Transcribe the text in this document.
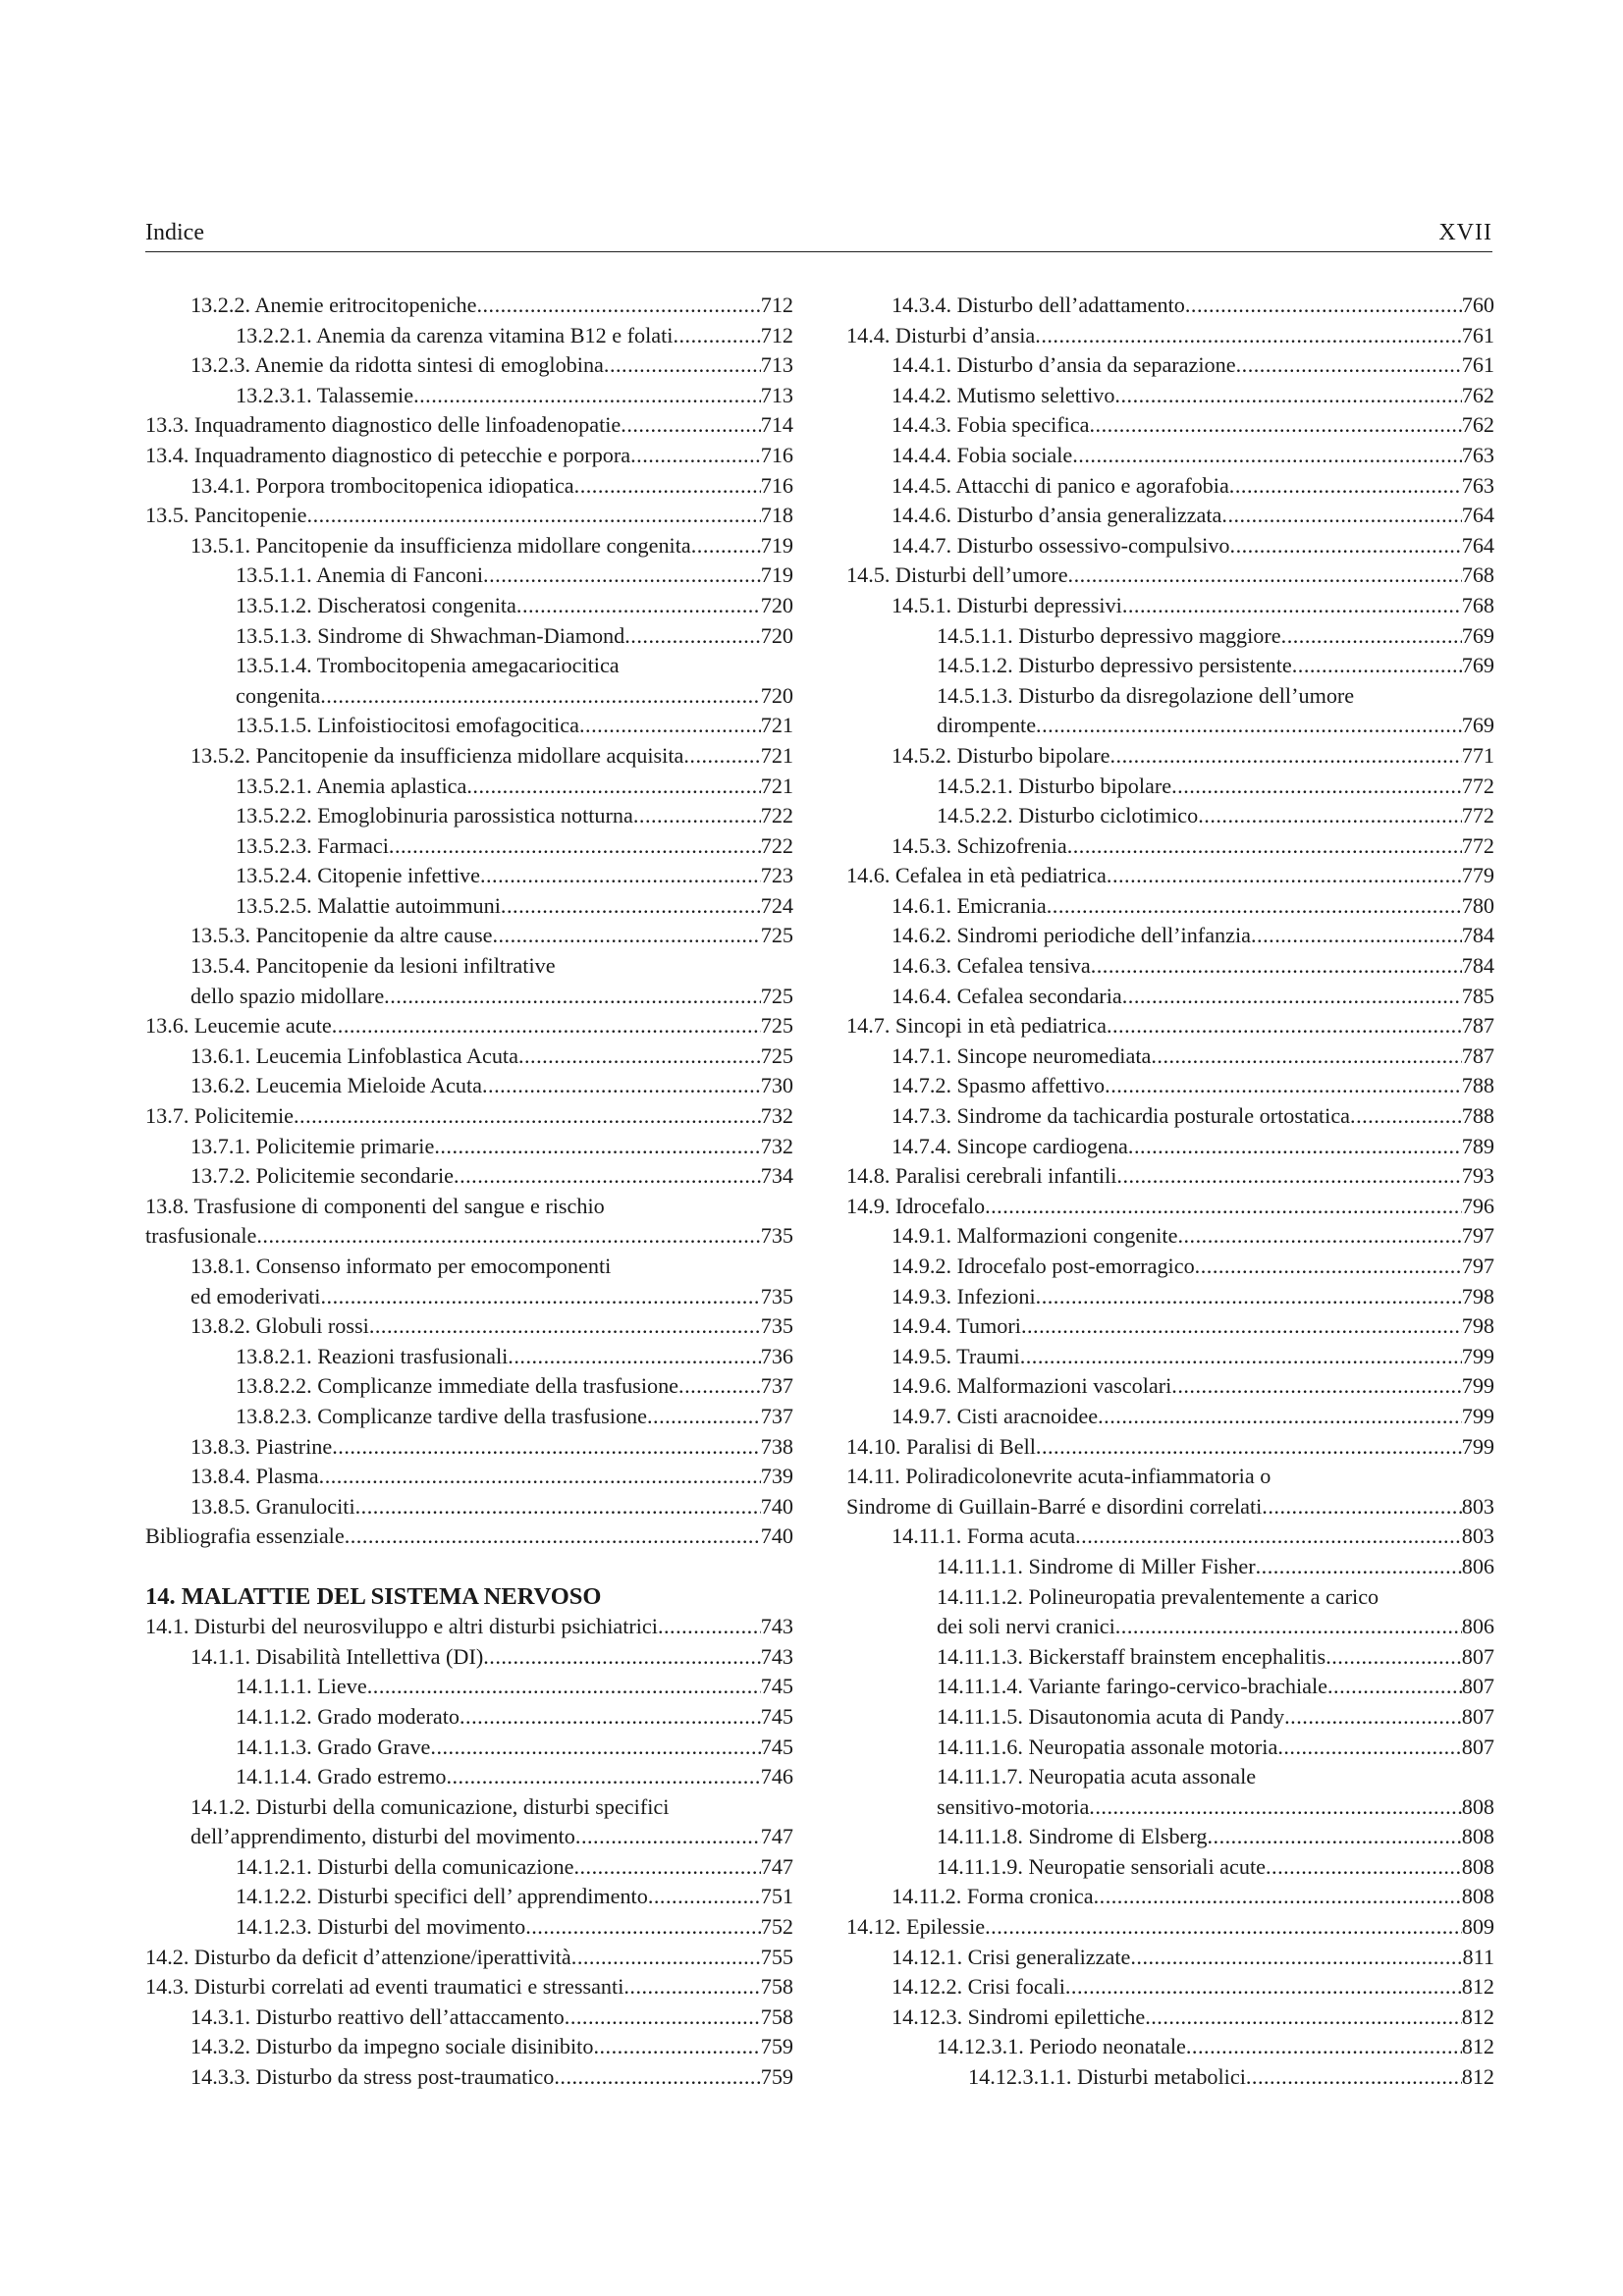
Indice	XVII
13.2.2. Anemie eritrocitopeniche .....	712
13.2.2.1. Anemia da carenza vitamina B12 e folati .....	712
13.2.3. Anemie da ridotta sintesi di emoglobina .....	713
13.2.3.1. Talassemie .....	713
13.3. Inquadramento diagnostico delle linfoadenopatie .....	714
13.4. Inquadramento diagnostico di petecchie e porpora .....	716
13.4.1. Porpora trombocitopenica idiopatica .....	716
13.5. Pancitopenie .....	718
13.5.1. Pancitopenie da insufficienza midollare congenita .....	719
13.5.1.1. Anemia di Fanconi .....	719
13.5.1.2. Discheratosi congenita .....	720
13.5.1.3. Sindrome di Shwachman-Diamond .....	720
13.5.1.4. Trombocitopenia amegacariocitica
congenita .....	720
13.5.1.5. Linfoistiocitosi emofagocitica .....	721
13.5.2. Pancitopenie da insufficienza midollare acquisita .....	721
13.5.2.1. Anemia aplastica .....	721
13.5.2.2. Emoglobinuria parossistica notturna .....	722
13.5.2.3. Farmaci .....	722
13.5.2.4. Citopenie infettive .....	723
13.5.2.5. Malattie autoimmuni .....	724
13.5.3. Pancitopenie da altre cause .....	725
13.5.4. Pancitopenie da lesioni infiltrative
dello spazio midollare .....	725
13.6. Leucemie acute .....	725
13.6.1. Leucemia Linfoblastica Acuta .....	725
13.6.2. Leucemia Mieloide Acuta .....	730
13.7. Policitemie .....	732
13.7.1. Policitemie primarie .....	732
13.7.2. Policitemie secondarie .....	734
13.8. Trasfusione di componenti del sangue e rischio
trasfusionale .....	735
13.8.1. Consenso informato per emocomponenti
ed emoderivati .....	735
13.8.2. Globuli rossi .....	735
13.8.2.1. Reazioni trasfusionali .....	736
13.8.2.2. Complicanze immediate della trasfusione .....	737
13.8.2.3. Complicanze tardive della trasfusione .....	737
13.8.3. Piastrine .....	738
13.8.4. Plasma .....	739
13.8.5. Granulociti .....	740
Bibliografia essenziale .....	740
14. MALATTIE DEL SISTEMA NERVOSO
14.1. Disturbi del neurosviluppo e altri disturbi psichiatrici .....	743
14.1.1. Disabilità Intellettiva (DI) .....	743
14.1.1.1. Lieve .....	745
14.1.1.2. Grado moderato .....	745
14.1.1.3. Grado Grave .....	745
14.1.1.4. Grado estremo .....	746
14.1.2. Disturbi della comunicazione, disturbi specifici
dell’apprendimento, disturbi del movimento .....	747
14.1.2.1. Disturbi della comunicazione .....	747
14.1.2.2. Disturbi specifici dell’ apprendimento .....	751
14.1.2.3. Disturbi del movimento .....	752
14.2. Disturbo da deficit d’attenzione/iperattività .....	755
14.3. Disturbi correlati ad eventi traumatici e stressanti .....	758
14.3.1. Disturbo reattivo dell’attaccamento .....	758
14.3.2. Disturbo da impegno sociale disinibito .....	759
14.3.3. Disturbo da stress post-traumatico .....	759
14.3.4. Disturbo dell’adattamento .....	760
14.4. Disturbi d’ansia .....	761
14.4.1. Disturbo d’ansia da separazione .....	761
14.4.2. Mutismo selettivo .....	762
14.4.3. Fobia specifica .....	762
14.4.4. Fobia sociale .....	763
14.4.5. Attacchi di panico e agorafobia .....	763
14.4.6. Disturbo d’ansia generalizzata .....	764
14.4.7. Disturbo ossessivo-compulsivo .....	764
14.5. Disturbi dell’umore .....	768
14.5.1. Disturbi depressivi .....	768
14.5.1.1. Disturbo depressivo maggiore .....	769
14.5.1.2. Disturbo depressivo persistente .....	769
14.5.1.3. Disturbo da disregolazione dell’umore
dirompente .....	769
14.5.2. Disturbo bipolare .....	771
14.5.2.1. Disturbo bipolare .....	772
14.5.2.2. Disturbo ciclotimico .....	772
14.5.3. Schizofrenia .....	772
14.6. Cefalea in età pediatrica .....	779
14.6.1. Emicrania .....	780
14.6.2. Sindromi periodiche dell’infanzia .....	784
14.6.3. Cefalea tensiva .....	784
14.6.4. Cefalea secondaria .....	785
14.7. Sincopi in età pediatrica .....	787
14.7.1. Sincope neuromediata .....	787
14.7.2. Spasmo affettivo .....	788
14.7.3. Sindrome da tachicardia posturale ortostatica .....	788
14.7.4. Sincope cardiogena .....	789
14.8. Paralisi cerebrali infantili .....	793
14.9. Idrocefalo .....	796
14.9.1. Malformazioni congenite .....	797
14.9.2. Idrocefalo post-emorragico .....	797
14.9.3. Infezioni .....	798
14.9.4. Tumori .....	798
14.9.5. Traumi .....	799
14.9.6. Malformazioni vascolari .....	799
14.9.7. Cisti aracnoidee .....	799
14.10. Paralisi di Bell .....	799
14.11. Poliradicolonevrite acuta-infiammatoria o
Sindrome di Guillain-Barré e disordini correlati .....	803
14.11.1. Forma acuta .....	803
14.11.1.1. Sindrome di Miller Fisher .....	806
14.11.1.2. Polineuropatia prevalentemente a carico
dei soli nervi cranici .....	806
14.11.1.3. Bickerstaff brainstem encephalitis .....	807
14.11.1.4. Variante faringo-cervico-brachiale .....	807
14.11.1.5. Disautonomia acuta di Pandy .....	807
14.11.1.6. Neuropatia assonale motoria .....	807
14.11.1.7. Neuropatia acuta assonale
sensitivo-motoria .....	808
14.11.1.8. Sindrome di Elsberg .....	808
14.11.1.9. Neuropatie sensoriali acute .....	808
14.11.2. Forma cronica .....	808
14.12. Epilessie .....	809
14.12.1. Crisi generalizzate .....	811
14.12.2. Crisi focali .....	812
14.12.3. Sindromi epilettiche .....	812
14.12.3.1. Periodo neonatale .....	812
14.12.3.1.1. Disturbi metabolici .....	812
